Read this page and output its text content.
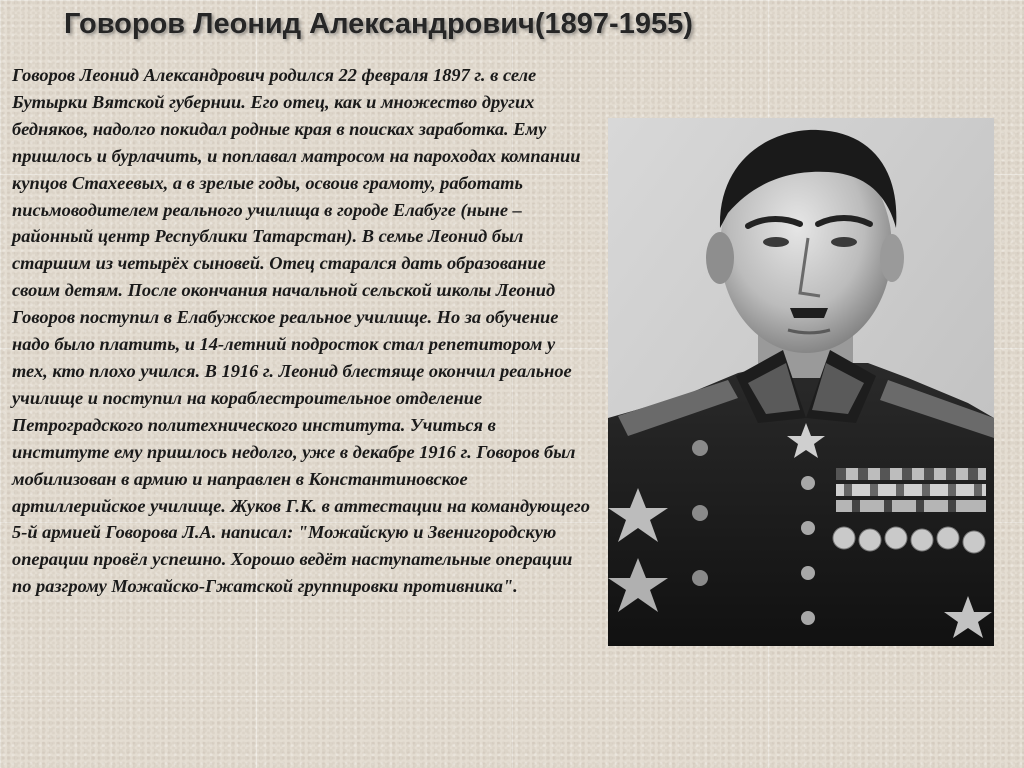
Говоров Леонид Александрович(1897-1955)

Говоров Леонид Александрович родился 22 февраля 1897 г. в селе Бутырки Вятской губернии. Его отец, как и множество других бедняков, надолго покидал родные края в поисках заработка. Ему пришлось и бурлачить, и поплавал матросом на пароходах компании купцов Стахеевых, а в зрелые годы, освоив грамоту, работать письмоводителем реального училища в городе Елабуге (ныне – районный центр Республики Татарстан). В семье Леонид был старшим из четырёх сыновей. Отец старался дать образование своим детям. После окончания начальной сельской школы Леонид Говоров поступил в Елабужское реальное училище. Но за обучение надо было платить, и 14-летний подросток стал репетитором у тех, кто плохо учился. В 1916 г. Леонид блестяще окончил реальное училище и поступил на кораблестроительное отделение Петроградского политехнического института. Учиться в институте ему пришлось недолго, уже в декабре 1916 г. Говоров был мобилизован в армию и направлен в Константиновское артиллерийское училище. Жуков Г.К. в аттестации на командующего 5-й армией Говорова Л.А. написал: "Можайскую и Звенигородскую операции провёл успешно. Хорошо ведёт наступательные операции по разгрому Можайско-Гжатской группировки противника".
